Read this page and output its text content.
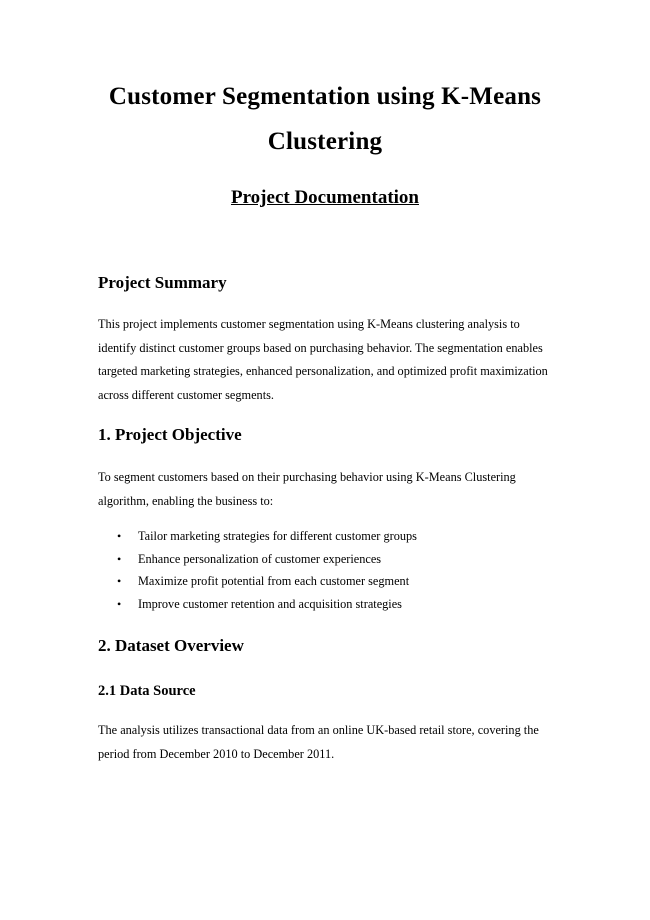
Customer Segmentation using K-Means
Clustering
Project Documentation
Project Summary

This project implements customer segmentation using K-Means clustering analysis to identify distinct customer groups based on purchasing behavior. The segmentation enables targeted marketing strategies, enhanced personalization, and optimized profit maximization across different customer segments.

1. Project Objective

To segment customers based on their purchasing behavior using K-Means Clustering algorithm, enabling the business to:

• Tailor marketing strategies for different customer groups
• Enhance personalization of customer experiences
• Maximize profit potential from each customer segment
• Improve customer retention and acquisition strategies
2. Dataset Overview
2.1 Data Source

The analysis utilizes transactional data from an online UK-based retail store, covering the period from December 2010 to December 2011.
